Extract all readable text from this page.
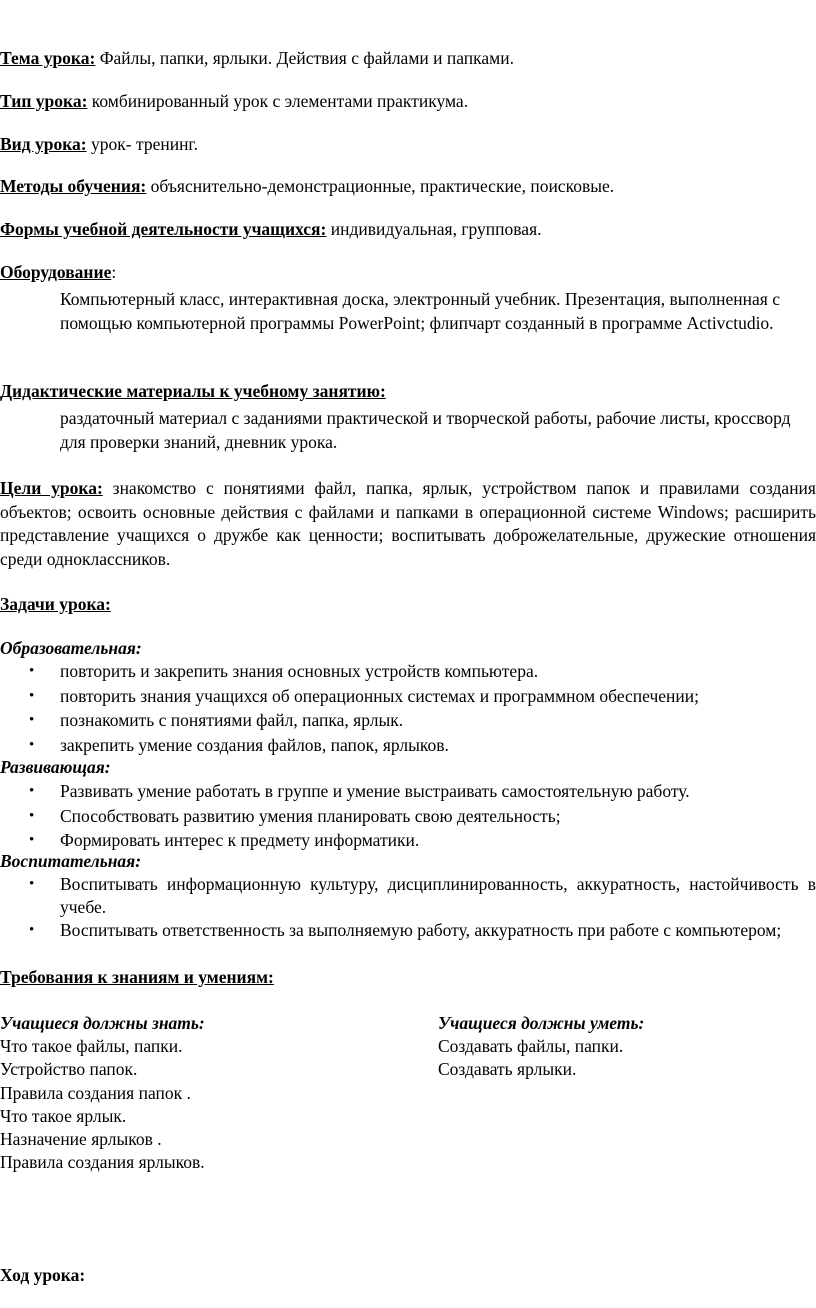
Тема урока: Файлы, папки, ярлыки. Действия с файлами и папками.
Тип урока: комбинированный урок с элементами практикума.
Вид урока: урок- тренинг.
Методы обучения: объяснительно-демонстрационные, практические, поисковые.
Формы учебной деятельности учащихся: индивидуальная, групповая.
Оборудование:
Компьютерный класс, интерактивная доска, электронный учебник. Презентация, выполненная с помощью компьютерной программы PowerPoint; флипчарт созданный в программе Activctudio.
Дидактические материалы к учебному занятию:
раздаточный материал с заданиями практической и творческой работы, рабочие листы, кроссворд для проверки знаний, дневник урока.
Цели урока: знакомство с понятиями файл, папка, ярлык, устройством папок и правилами создания объектов; освоить основные действия с файлами и папками в операционной системе Windows; расширить представление учащихся о дружбе как ценности; воспитывать доброжелательные, дружеские отношения среди одноклассников.
Задачи урока:
Образовательная:
• повторить и закрепить знания основных устройств компьютера.
• повторить знания учащихся об операционных системах и программном обеспечении;
• познакомить с понятиями файл, папка, ярлык.
• закрепить умение создания файлов, папок, ярлыков.
Развивающая:
• Развивать умение работать в группе и умение выстраивать самостоятельную работу.
• Способствовать развитию умения планировать свою деятельность;
• Формировать интерес к предмету информатики.
Воспитательная:
• Воспитывать информационную культуру, дисциплинированность, аккуратность, настойчивость в учебе.
• Воспитывать ответственность за выполняемую работу, аккуратность при работе с компьютером;
Требования к знаниям и умениям:
Учащиеся должны знать:
Что такое файлы, папки.
Устройство папок.
Правила создания папок .
Что такое ярлык.
Назначение ярлыков .
Правила создания ярлыков.
Учащиеся должны уметь:
Создавать файлы, папки.
Создавать ярлыки.
Ход урока:
